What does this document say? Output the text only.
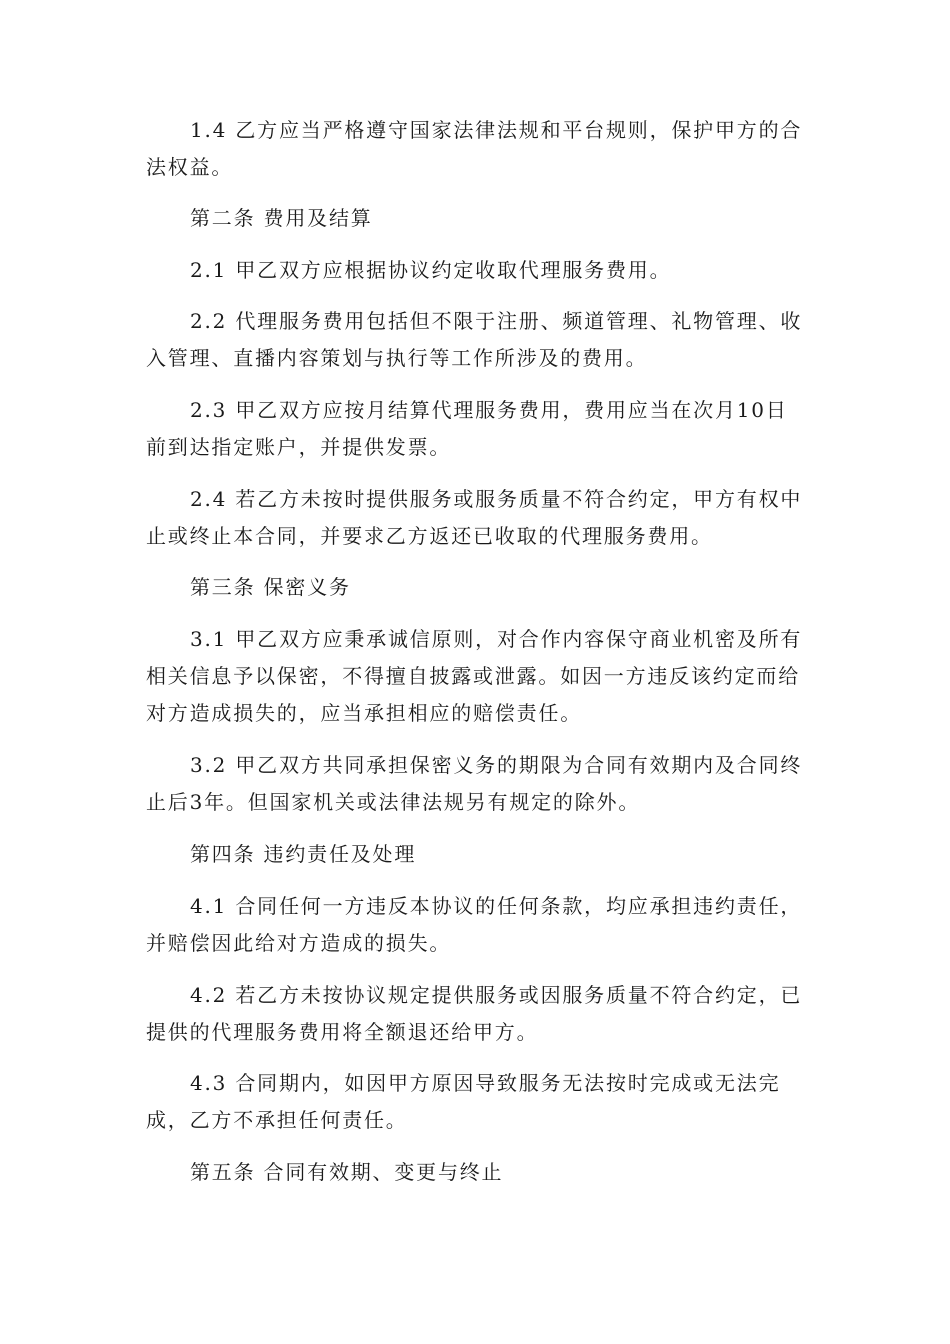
1.4 乙方应当严格遵守国家法律法规和平台规则，保护甲方的合法权益。

第二条 费用及结算

2.1 甲乙双方应根据协议约定收取代理服务费用。

2.2 代理服务费用包括但不限于注册、频道管理、礼物管理、收入管理、直播内容策划与执行等工作所涉及的费用。

2.3 甲乙双方应按月结算代理服务费用，费用应当在次月10日前到达指定账户，并提供发票。

2.4 若乙方未按时提供服务或服务质量不符合约定，甲方有权中止或终止本合同，并要求乙方返还已收取的代理服务费用。

第三条 保密义务

3.1 甲乙双方应秉承诚信原则，对合作内容保守商业机密及所有相关信息予以保密，不得擅自披露或泄露。如因一方违反该约定而给对方造成损失的，应当承担相应的赔偿责任。

3.2 甲乙双方共同承担保密义务的期限为合同有效期内及合同终止后3年。但国家机关或法律法规另有规定的除外。

第四条 违约责任及处理

4.1 合同任何一方违反本协议的任何条款，均应承担违约责任，并赔偿因此给对方造成的损失。

4.2 若乙方未按协议规定提供服务或因服务质量不符合约定，已提供的代理服务费用将全额退还给甲方。

4.3 合同期内，如因甲方原因导致服务无法按时完成或无法完成，乙方不承担任何责任。

第五条 合同有效期、变更与终止
